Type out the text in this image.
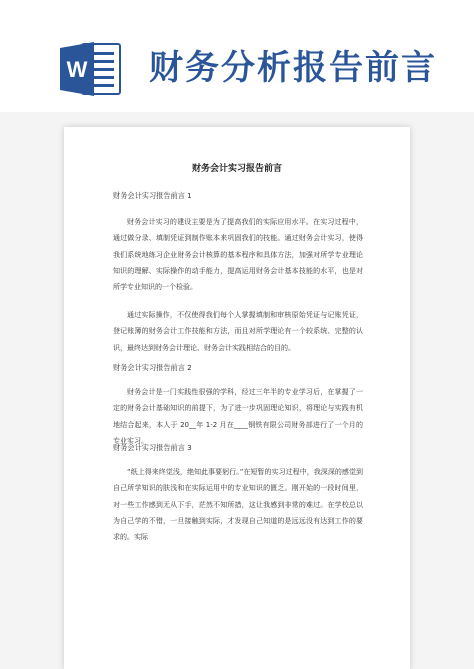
W 财务分析报告前言
财务会计实习报告前言
财务会计实习报告前言 1

财务会计实习的建设主要是为了提高我们的实际应用水平。在实习过程中，通过做分录、填制凭证到制作账本来巩固我们的技能。通过财务会计实习，使得我们系统地练习企业财务会计核算的基本程序和具体方法，加强对所学专业理论知识的理解、实际操作的动手能力，提高运用财务会计基本技能的水平，也是对所学专业知识的一个检验。

通过实际操作，不仅使得我们每个人掌握填制和审核原始凭证与记账凭证，登记账簿的财务会计工作技能和方法，而且对所学理论有一个较系统、完整的认识，最终达到财务会计理论、财务会计实践相结合的目的。

财务会计实习报告前言 2

财务会计是一门实践性很强的学科，经过三年半的专业学习后，在掌握了一定的财务会计基础知识的前提下，为了进一步巩固理论知识，将理论与实践有机地结合起来，本人于 20__年 1-2 月在____钢铁有限公司财务部进行了一个月的专业实习。

财务会计实习报告前言 3

“纸上得来终觉浅，绝知此事要躬行。”在短暂的实习过程中，我深深的感觉到自己所学知识的肤浅和在实际运用中的专业知识的匮乏。刚开始的一段时间里，对一些工作感到无从下手，茫然不知所措，这让我感到非常的难过。在学校总以为自己学的不错，一旦接触到实际，才发现自己知道的是远远没有达到工作的要求的。实际
